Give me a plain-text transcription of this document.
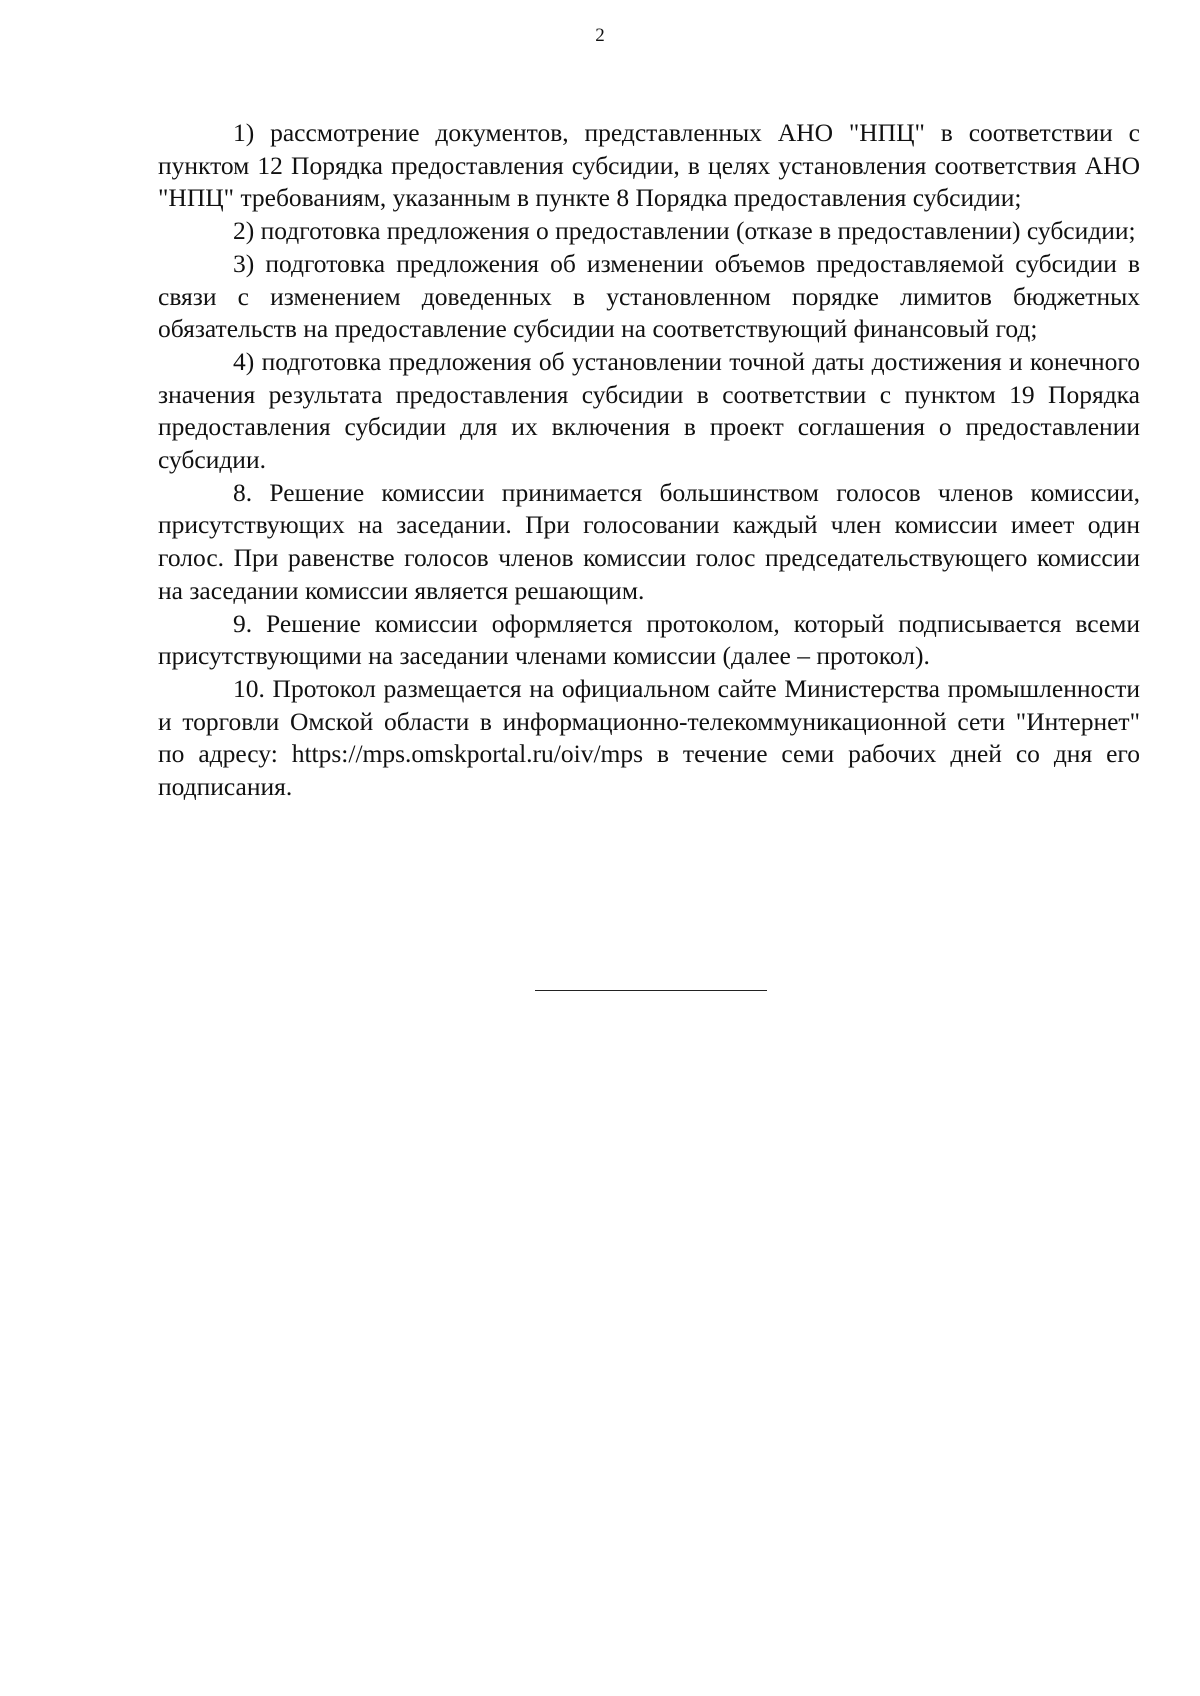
2

1) рассмотрение документов, представленных АНО "НПЦ" в соответствии с пунктом 12 Порядка предоставления субсидии, в целях установления соответствия АНО "НПЦ" требованиям, указанным в пункте 8 Порядка предоставления субсидии;

2) подготовка предложения о предоставлении (отказе в предоставлении) субсидии;

3) подготовка предложения об изменении объемов предоставляемой субсидии в связи с изменением доведенных в установленном порядке лимитов бюджетных обязательств на предоставление субсидии на соответствующий финансовый год;

4) подготовка предложения об установлении точной даты достижения и конечного значения результата предоставления субсидии в соответствии с пунктом 19 Порядка предоставления субсидии для их включения в проект соглашения о предоставлении субсидии.

8. Решение комиссии принимается большинством голосов членов комиссии, присутствующих на заседании. При голосовании каждый член комиссии имеет один голос. При равенстве голосов членов комиссии голос председательствующего комиссии на заседании комиссии является решающим.

9. Решение комиссии оформляется протоколом, который подписывается всеми присутствующими на заседании членами комиссии (далее – протокол).

10. Протокол размещается на официальном сайте Министерства промышленности и торговли Омской области в информационно-телекоммуникационной сети "Интернет" по адресу: https://mps.omskportal.ru/oiv/mps в течение семи рабочих дней со дня его подписания.
